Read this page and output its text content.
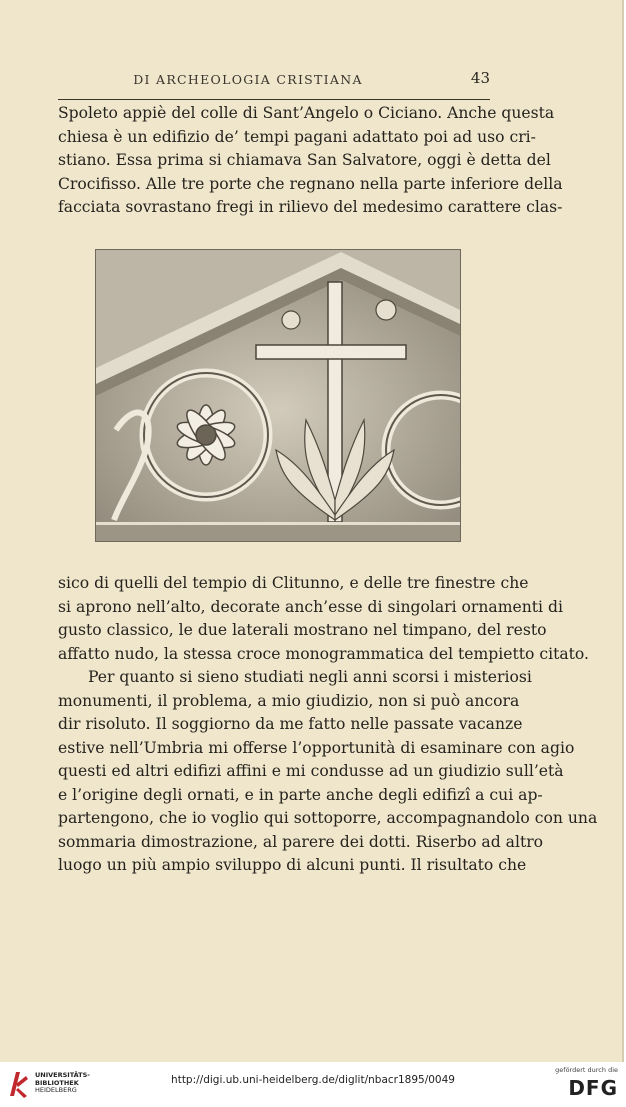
DI ARCHEOLOGIA CRISTIANA	43
Spoleto appiè del colle di Sant’Angelo o Ciciano. Anche questa
chiesa è un edifizio de’ tempi pagani adattato poi ad uso cri-
stiano. Essa prima si chiamava San Salvatore, oggi è detta del
Crocifisso. Alle tre porte che regnano nella parte inferiore della
facciata sovrastano fregi in rilievo del medesimo carattere clas-
sico di quelli del tempio di Clitunno, e delle tre finestre che
si aprono nell’alto, decorate anch’esse di singolari ornamenti di
gusto classico, le due laterali mostrano nel timpano, del resto
affatto nudo, la stessa croce monogrammatica del tempietto citato.
Per quanto si sieno studiati negli anni scorsi i misteriosi
monumenti, il problema, a mio giudizio, non si può ancora
dir risoluto. Il soggiorno da me fatto nelle passate vacanze
estive nell’Umbria mi offerse l’opportunità di esaminare con agio
questi ed altri edifizi affini e mi condusse ad un giudizio sull’età
e l’origine degli ornati, e in parte anche degli edifizî a cui ap-
partengono, che io voglio qui sottoporre, accompagnandolo con una
sommaria dimostrazione, al parere dei dotti. Riserbo ad altro
luogo un più ampio sviluppo di alcuni punti. Il risultato che
UNIVERSITÄTS-
BIBLIOTHEK
HEIDELBERG
http://digi.ub.uni-heidelberg.de/diglit/nbacr1895/0049
gefördert durch die
DFG
